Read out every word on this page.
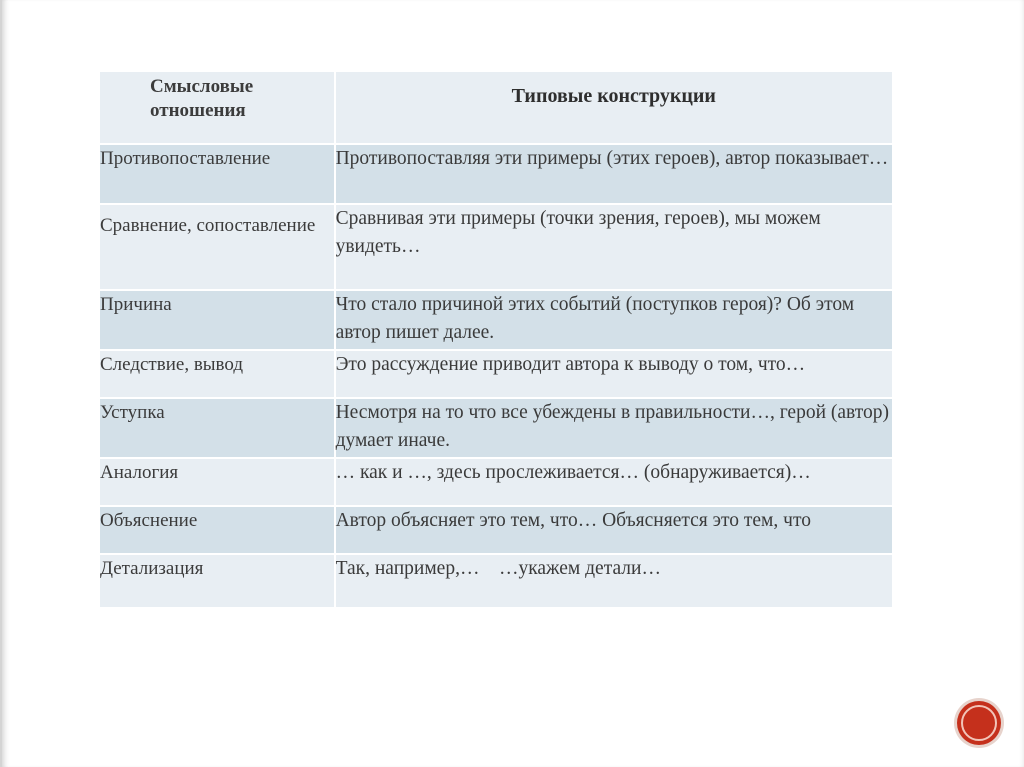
Смысловые отношения	Типовые конструкции
Противопоставление	Противопоставляя эти примеры (этих героев), автор показывает…
Сравнение, сопоставление	Сравнивая эти примеры (точки зрения, героев), мы можем увидеть…
Причина	Что стало причиной этих событий (поступков героя)? Об этом автор пишет далее.
Следствие, вывод	Это рассуждение приводит автора к выводу о том, что…
Уступка	Несмотря на то что все убеждены в правильности…, герой (автор) думает иначе.
Аналогия	… как и …, здесь прослеживается… (обнаруживается)…
Объяснение	Автор объясняет это тем, что… Объясняется это тем, что
Детализация	Так, например,…    …укажем детали…
